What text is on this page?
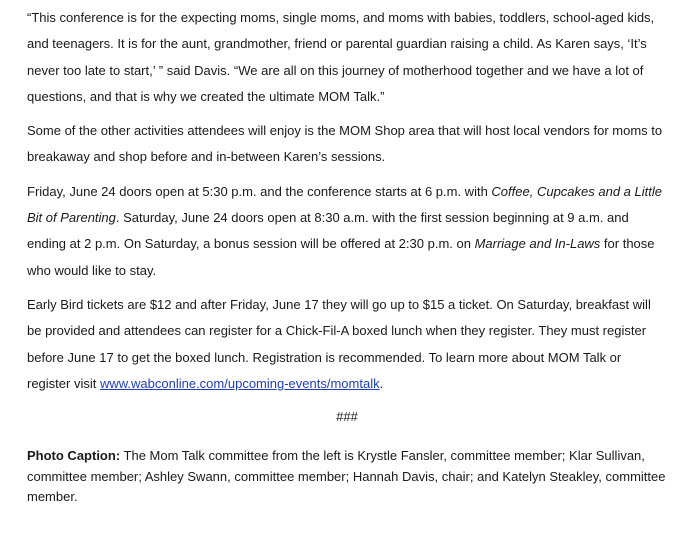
“This conference is for the expecting moms, single moms, and moms with babies, toddlers, school-aged kids, and teenagers. It is for the aunt, grandmother, friend or parental guardian raising a child. As Karen says, ‘It’s never too late to start,’ ” said Davis. “We are all on this journey of motherhood together and we have a lot of questions, and that is why we created the ultimate MOM Talk.”

Some of the other activities attendees will enjoy is the MOM Shop area that will host local vendors for moms to breakaway and shop before and in-between Karen’s sessions.

Friday, June 24 doors open at 5:30 p.m. and the conference starts at 6 p.m. with Coffee, Cupcakes and a Little Bit of Parenting. Saturday, June 24 doors open at 8:30 a.m. with the first session beginning at 9 a.m. and ending at 2 p.m. On Saturday, a bonus session will be offered at 2:30 p.m. on Marriage and In-Laws for those who would like to stay.

Early Bird tickets are $12 and after Friday, June 17 they will go up to $15 a ticket. On Saturday, breakfast will be provided and attendees can register for a Chick-Fil-A boxed lunch when they register. They must register before June 17 to get the boxed lunch. Registration is recommended. To learn more about MOM Talk or register visit www.wabconline.com/upcoming-events/momtalk.

###

Photo Caption: The Mom Talk committee from the left is Krystle Fansler, committee member; Klar Sullivan, committee member; Ashley Swann, committee member; Hannah Davis, chair; and Katelyn Steakley, committee member.
